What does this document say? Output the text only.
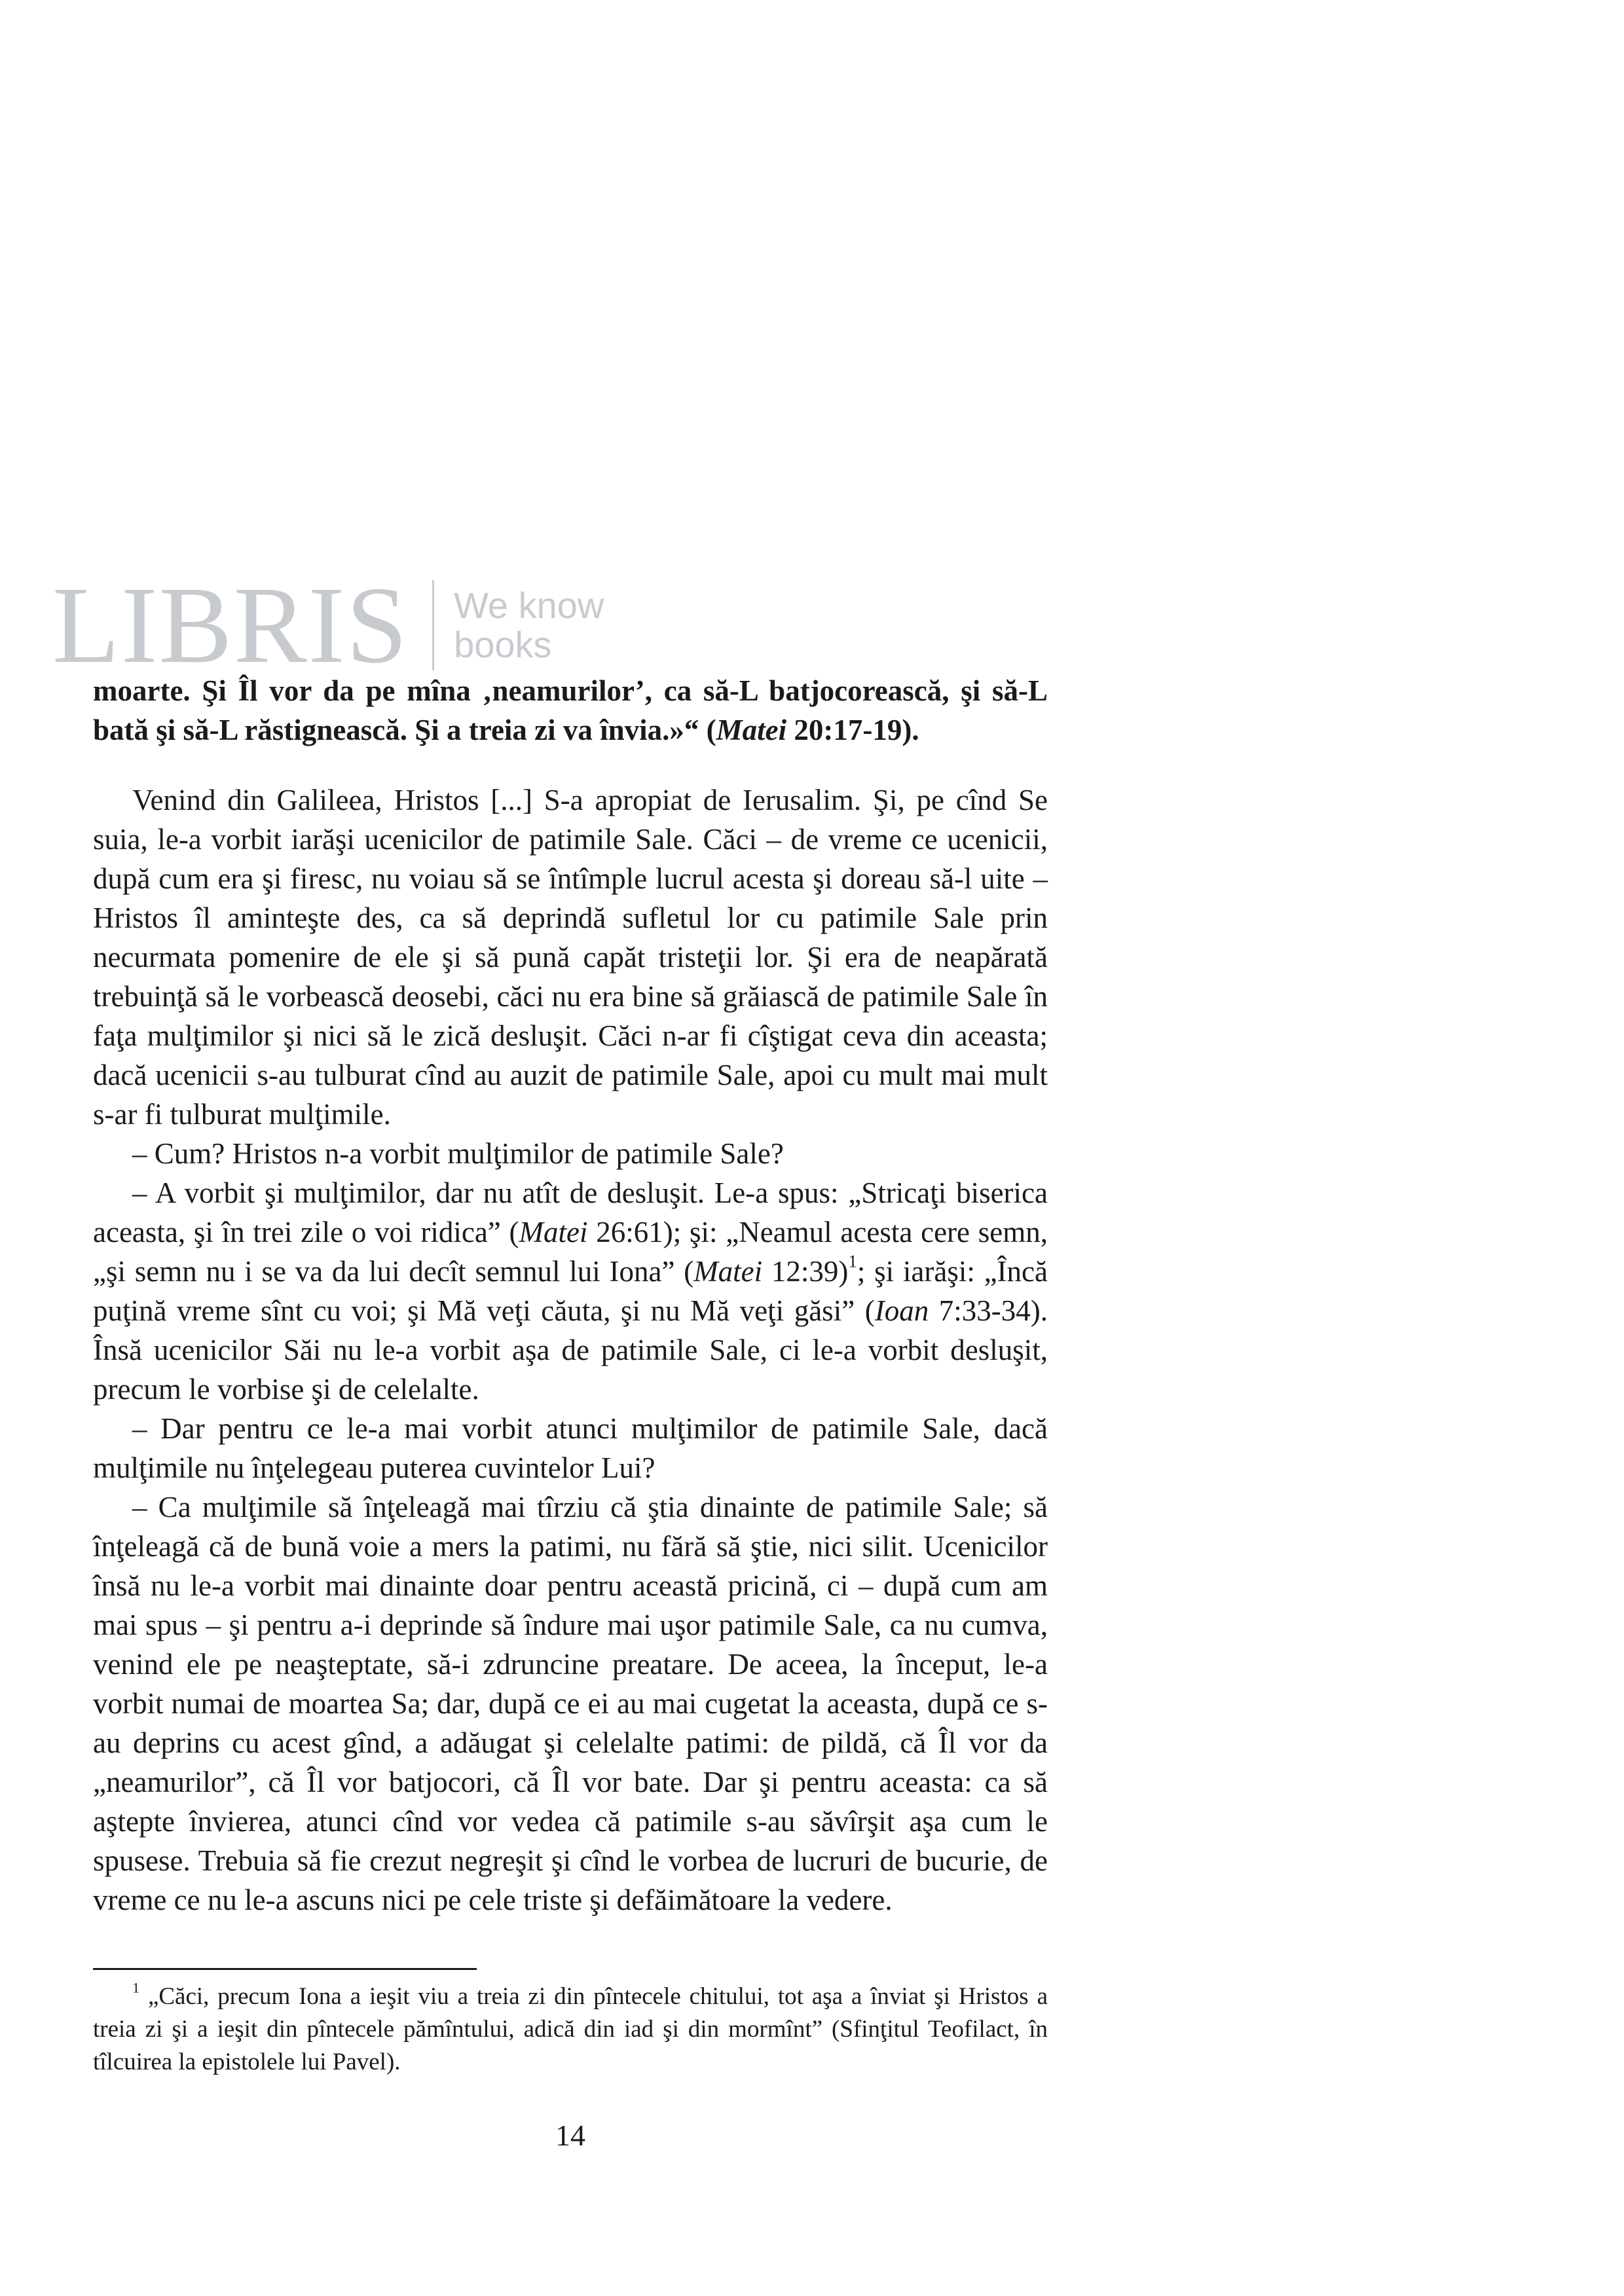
LIBRIS We know
books

moarte. Şi Îl vor da pe mîna ‚neamurilor’, ca să-L batjocorească, şi să-L bată şi să-L răstignească. Şi a treia zi va învia.»“ (Matei 20:17-19).

Venind din Galileea, Hristos [...] S-a apropiat de Ierusalim. Şi, pe cînd Se suia, le-a vorbit iarăşi ucenicilor de patimile Sale. Căci – de vreme ce ucenicii, după cum era şi firesc, nu voiau să se întîmple lucrul acesta şi doreau să-l uite – Hristos îl aminteşte des, ca să deprindă sufletul lor cu patimile Sale prin necurmata pomenire de ele şi să pună capăt tristeţii lor. Şi era de neapărată trebuinţă să le vorbească deosebi, căci nu era bine să grăiască de patimile Sale în faţa mulţimilor şi nici să le zică desluşit. Căci n-ar fi cîştigat ceva din aceasta; dacă ucenicii s-au tulburat cînd au auzit de patimile Sale, apoi cu mult mai mult s-ar fi tulburat mulţimile.

– Cum? Hristos n-a vorbit mulţimilor de patimile Sale?

– A vorbit şi mulţimilor, dar nu atît de desluşit. Le-a spus: „Stricaţi biserica aceasta, şi în trei zile o voi ridica” (Matei 26:61); şi: „Neamul acesta cere semn, „şi semn nu i se va da lui decît semnul lui Iona” (Matei 12:39)$^1$; şi iarăşi: „Încă puţină vreme sînt cu voi; şi Mă veţi căuta, şi nu Mă veţi găsi” (Ioan 7:33-34). Însă ucenicilor Săi nu le-a vorbit aşa de patimile Sale, ci le-a vorbit desluşit, precum le vorbise şi de celelalte.

– Dar pentru ce le-a mai vorbit atunci mulţimilor de patimile Sale, dacă mulţimile nu înţelegeau puterea cuvintelor Lui?

– Ca mulţimile să înţeleagă mai tîrziu că ştia dinainte de patimile Sale; să înţeleagă că de bună voie a mers la patimi, nu fără să ştie, nici silit. Ucenicilor însă nu le-a vorbit mai dinainte doar pentru această pricină, ci – după cum am mai spus – şi pentru a-i deprinde să îndure mai uşor patimile Sale, ca nu cumva, venind ele pe neaşteptate, să-i zdruncine preatare. De aceea, la început, le-a vorbit numai de moartea Sa; dar, după ce ei au mai cugetat la aceasta, după ce s-au deprins cu acest gînd, a adăugat şi celelalte patimi: de pildă, că Îl vor da „neamurilor”, că Îl vor batjocori, că Îl vor bate. Dar şi pentru aceasta: ca să aştepte învierea, atunci cînd vor vedea că patimile s-au săvîrşit aşa cum le spusese. Trebuia să fie crezut negreşit şi cînd le vorbea de lucruri de bucurie, de vreme ce nu le-a ascuns nici pe cele triste şi defăimătoare la vedere.

$^1$ „Căci, precum Iona a ieşit viu a treia zi din pîntecele chitului, tot aşa a înviat şi Hristos a treia zi şi a ieşit din pîntecele pămîntului, adică din iad şi din mormînt” (Sfinţitul Teofilact, în tîlcuirea la epistolele lui Pavel).

14
